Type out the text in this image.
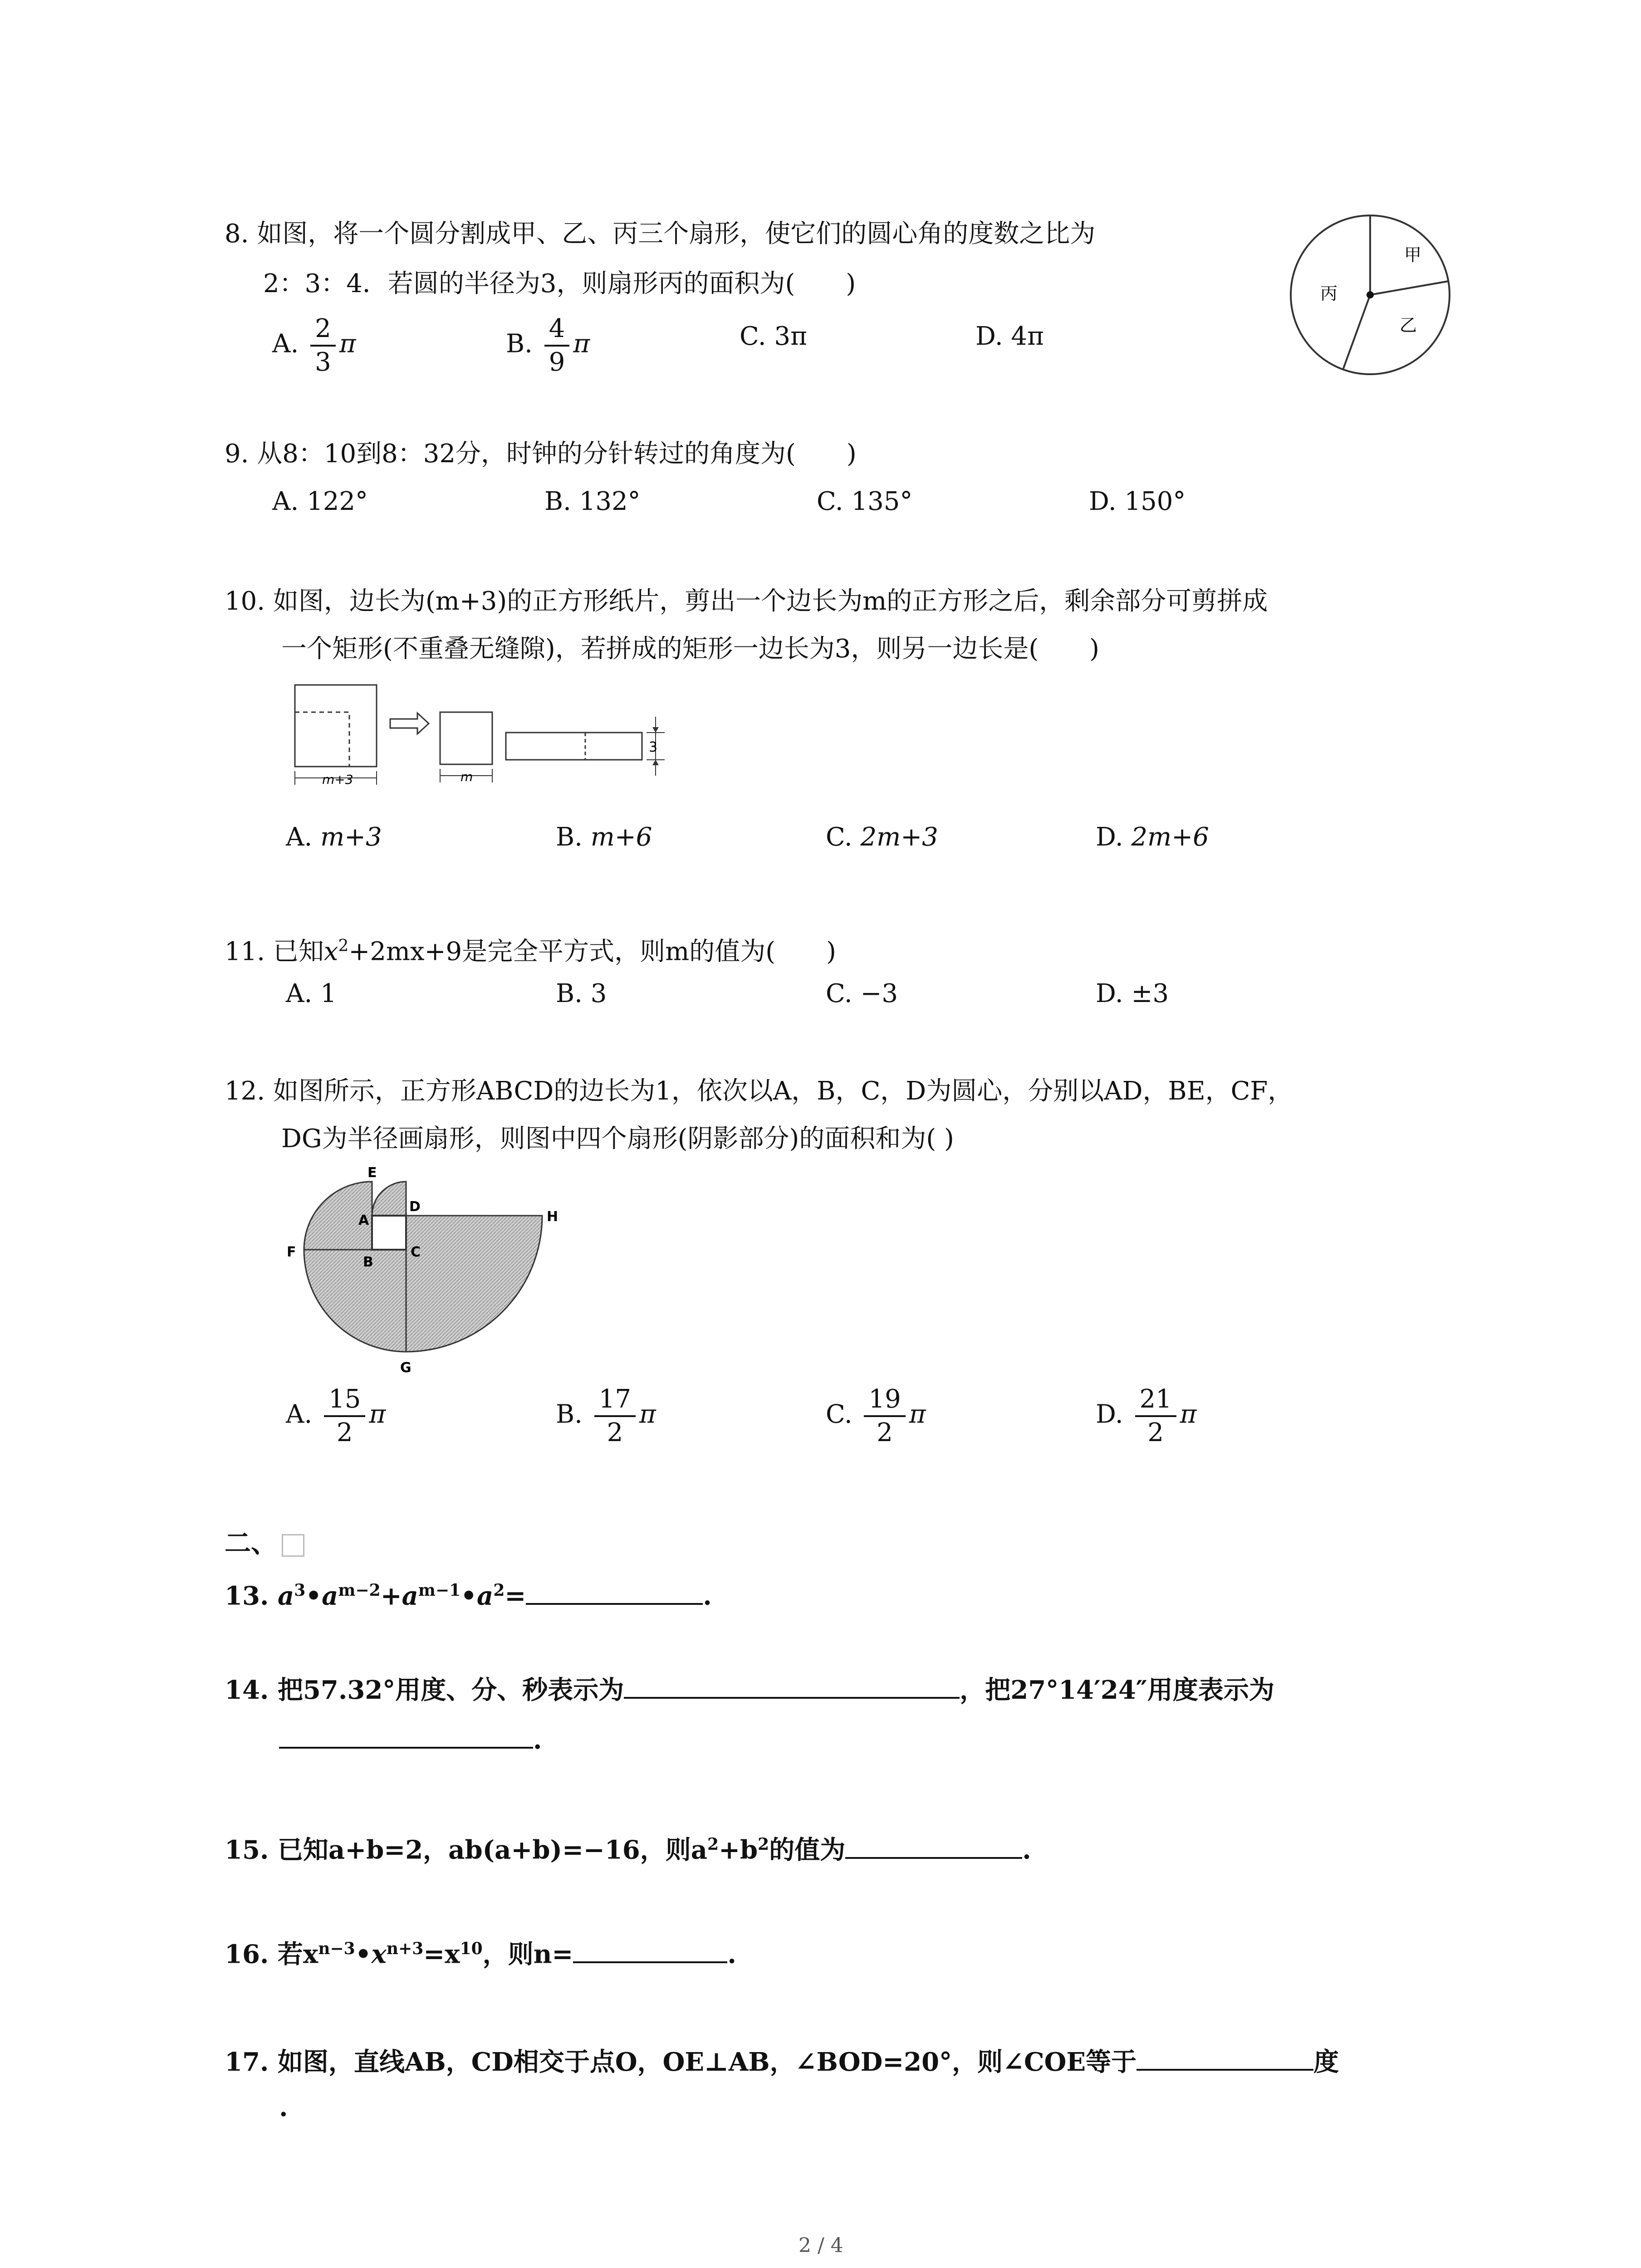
8. 如图，将一个圆分割成甲、乙、丙三个扇形，使它们的圆心角的度数之比为
2：3：4．若圆的半径为3，则扇形丙的面积为(　　)
A. $\frac{2}{3}$ π	B. $\frac{4}{9}$ π	C. 3π	D. 4π
甲
乙
丙
9. 从8：10到8：32分，时钟的分针转过的角度为(　　)
A. 122°	B. 132°	C. 135°	D. 150°
10. 如图，边长为(m+3)的正方形纸片，剪出一个边长为m的正方形之后，剩余部分可剪拼成
一个矩形(不重叠无缝隙)，若拼成的矩形一边长为3，则另一边长是(　　)
m+3	m
3
A. m+3	B. m+6	C. 2m+3	D. 2m+6
11. 已知$x^2+2mx+9$是完全平方式，则m的值为(　　)
A. 1	B. 3	C. −3	D. ±3
12. 如图所示，正方形ABCD的边长为1，依次以A，B，C，D为圆心，分别以AD，BE，CF，
DG为半径画扇形，则图中四个扇形(阴影部分)的面积和为( )
E
D
H
A
B
C
F
G
A. $\frac{15}{2}$ π	B. $\frac{17}{2}$ π	C. $\frac{19}{2}$ π	D. $\frac{21}{2}$ π
二、
13. $a^3•a^{m-2}+a^{m-1}•a^2=$	.
14. 把57.32°用度、分、秒表示为	，把27°14′24″用度表示为
.
15. 已知a+b=2，ab(a+b)=−16，则$a^2+b^2$的值为	.
16. 若$x^{n-3}•x^{n+3}=x^{10}$，则n=	.
17. 如图，直线AB，CD相交于点O，OE⊥AB，∠BOD=20°，则∠COE等于	度
.
2 / 4
